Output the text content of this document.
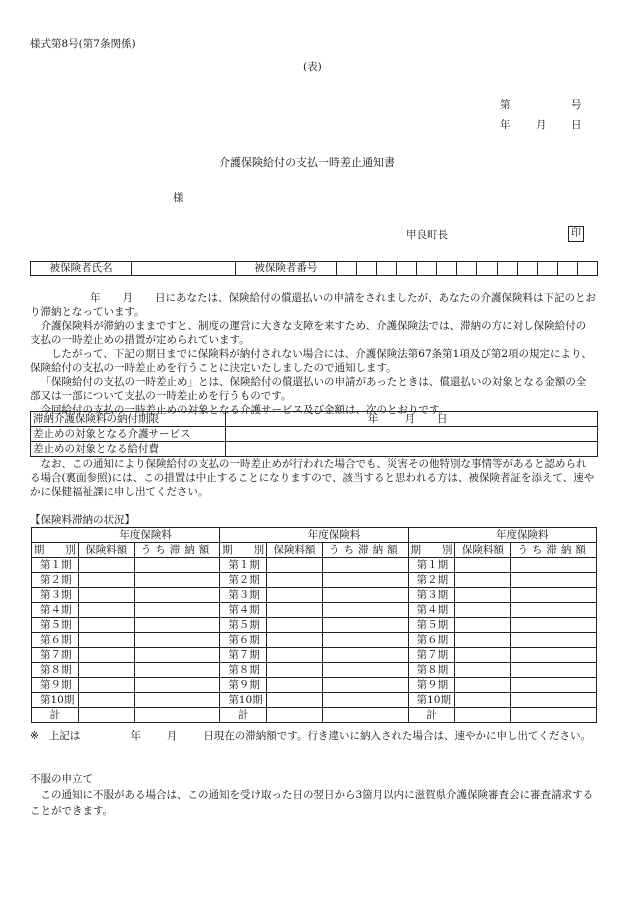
様式第8号(第7条関係)
(表)
第	号
年 月 日
介護保険給付の支払一時差止通知書
様
甲良町長	印
被保険者氏名		被保険者番号													

年 月 日にあなたは、保険給付の償還払いの申請をされましたが、あなたの介護保険料は下記のとおり滞納となっています。

介護保険料が滞納のままですと、制度の運営に大きな支障を来すため、介護保険法では、滞納の方に対し保険給付の支払の一時差止めの措置が定められています。

したがって、下記の期日までに保険料が納付されない場合には、介護保険法第67条第1項及び第2項の規定により、保険給付の支払の一時差止めを行うことに決定いたしましたので通知します。

「保険給付の支払の一時差止め」とは、保険給付の償還払いの申請があったときは、償還払いの対象となる金額の全部又は一部について支払の一時差止めを行うものです。

今回給付の支払の一時差止めの対象となる介護サービス及び金額は、次のとおりです。

滞納介護保険料の納付期限	年 月 日
差止めの対象となる介護サービス	
差止めの対象となる給付費	

なお、この通知により保険給付の支払の一時差止めが行われた場合でも、災害その他特別な事情等があると認められる場合(裏面参照)には、この措置は中止することになりますので、該当すると思われる方は、被保険者証を添えて、速やかに保健福祉課に申し出てください。

【保険料滞納の状況】
年度保険料			年度保険料			年度保険料		
期　　別	保険料額	うち滞納額	期　　別	保険料額	うち滞納額	期　　別	保険料額	うち滞納額
第１期			第１期			第１期		
第２期			第２期			第２期		
第３期			第３期			第３期		
第４期			第４期			第４期		
第５期			第５期			第５期		
第６期			第６期			第６期		
第７期			第７期			第７期		
第８期			第８期			第８期		
第９期			第９期			第９期		
第10期			第10期			第10期		
計			計			計		

※ 上記は	年 月 日現在の滞納額です。行き違いに納入された場合は、速やかに申し出てください。

不服の申立て

この通知に不服がある場合は、この通知を受け取った日の翌日から3箇月以内に滋賀県介護保険審査会に審査請求することができます。
